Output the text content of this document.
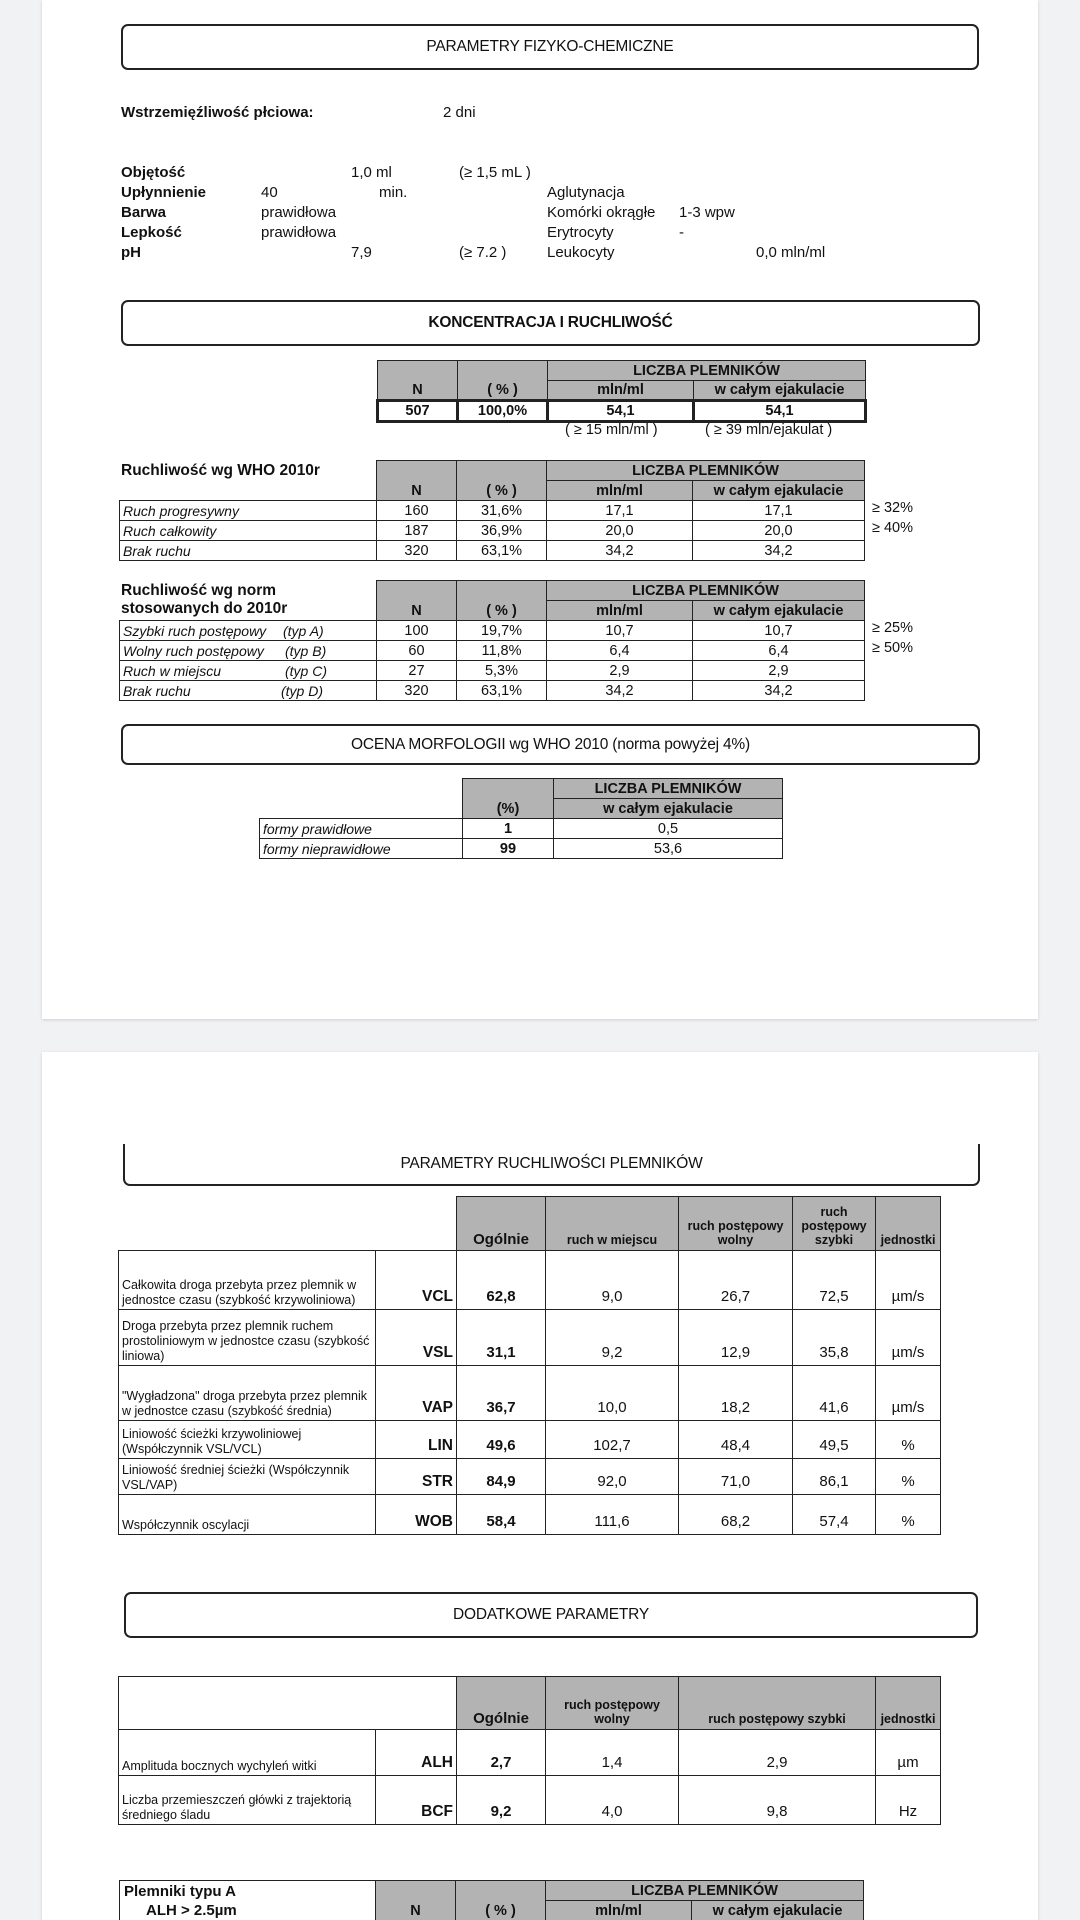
PARAMETRY FIZYKO-CHEMICZNE
Wstrzemięźliwość płciowa:	2 dni
Objętość	1,0 ml	(≥ 1,5 mL )
Upłynnienie	40	min.
Barwa	prawidłowa
Lepkość	prawidłowa
pH	7,9	(≥ 7.2 )
Aglutynacja
Komórki okrągłe 1-3 wpw
Erytrocyty	-
Leukocyty	0,0 mln/ml
KONCENTRACJA I RUCHLIWOŚĆ
N	( % )	LICZBA PLEMNIKÓW	
		mln/ml	w całym ejakulacie
507	100,0%	54,1	54,1
( ≥ 15 mln/ml )	( ≥ 39 mln/ejakulat )
Ruchliwość wg WHO 2010r
	N	( % )	LICZBA PLEMNIKÓW	
			mln/ml	w całym ejakulacie
Ruch progresywny	160	31,6%	17,1	17,1
Ruch całkowity	187	36,9%	20,0	20,0
Brak ruchu	320	63,1%	34,2	34,2
≥ 32%
≥ 40%
Ruchliwość wg norm
stosowanych do 2010r
		N	( % )	LICZBA PLEMNIKÓW	
			mln/ml	w całym ejakulacie
Szybki ruch postępowy (typ A)	100	19,7%	10,7	10,7
Wolny ruch postępowy (typ B)	60	11,8%	6,4	6,4
Ruch w miejscu (typ C)	27	5,3%	2,9	2,9
Brak ruchu (typ D)	320	63,1%	34,2	34,2
≥ 25%
≥ 50%
OCENA MORFOLOGII wg WHO 2010 (norma powyżej 4%)
	(%)	LICZBA PLEMNIKÓW
		w całym ejakulacie
formy prawidłowe	1	0,5
formy nieprawidłowe	99	53,6
PARAMETRY RUCHLIWOŚCI PLEMNIKÓW
		Ogólnie	ruch w miejscu	ruch postępowy wolny	ruch postępowy szybki	jednostki
Całkowita droga przebyta przez plemnik w jednostce czasu (szybkość krzywoliniowa)	VCL	62,8	9,0	26,7	72,5	µm/s
Droga przebyta przez plemnik ruchem prostoliniowym w jednostce czasu (szybkość liniowa)	VSL	31,1	9,2	12,9	35,8	µm/s
"Wygładzona" droga przebyta przez plemnik w jednostce czasu (szybkość średnia)	VAP	36,7	10,0	18,2	41,6	µm/s
Liniowość ścieżki krzywoliniowej (Współczynnik VSL/VCL)	LIN	49,6	102,7	48,4	49,5	%
Liniowość średniej ścieżki (Współczynnik VSL/VAP)	STR	84,9	92,0	71,0	86,1	%
Współczynnik oscylacji	WOB	58,4	111,6	68,2	57,4	%
DODATKOWE PARAMETRY
		Ogólnie	ruch postępowy wolny	ruch postępowy szybki	jednostki
Amplituda bocznych wychyleń witki	ALH	2,7	1,4	2,9	µm
Liczba przemieszczeń główki z trajektorią średniego śladu	BCF	9,2	4,0	9,8	Hz
Plemniki typu A
ALH > 2.5µm	N	( % )	LICZBA PLEMNIKÓW	
			mln/ml	w całym ejakulacie
